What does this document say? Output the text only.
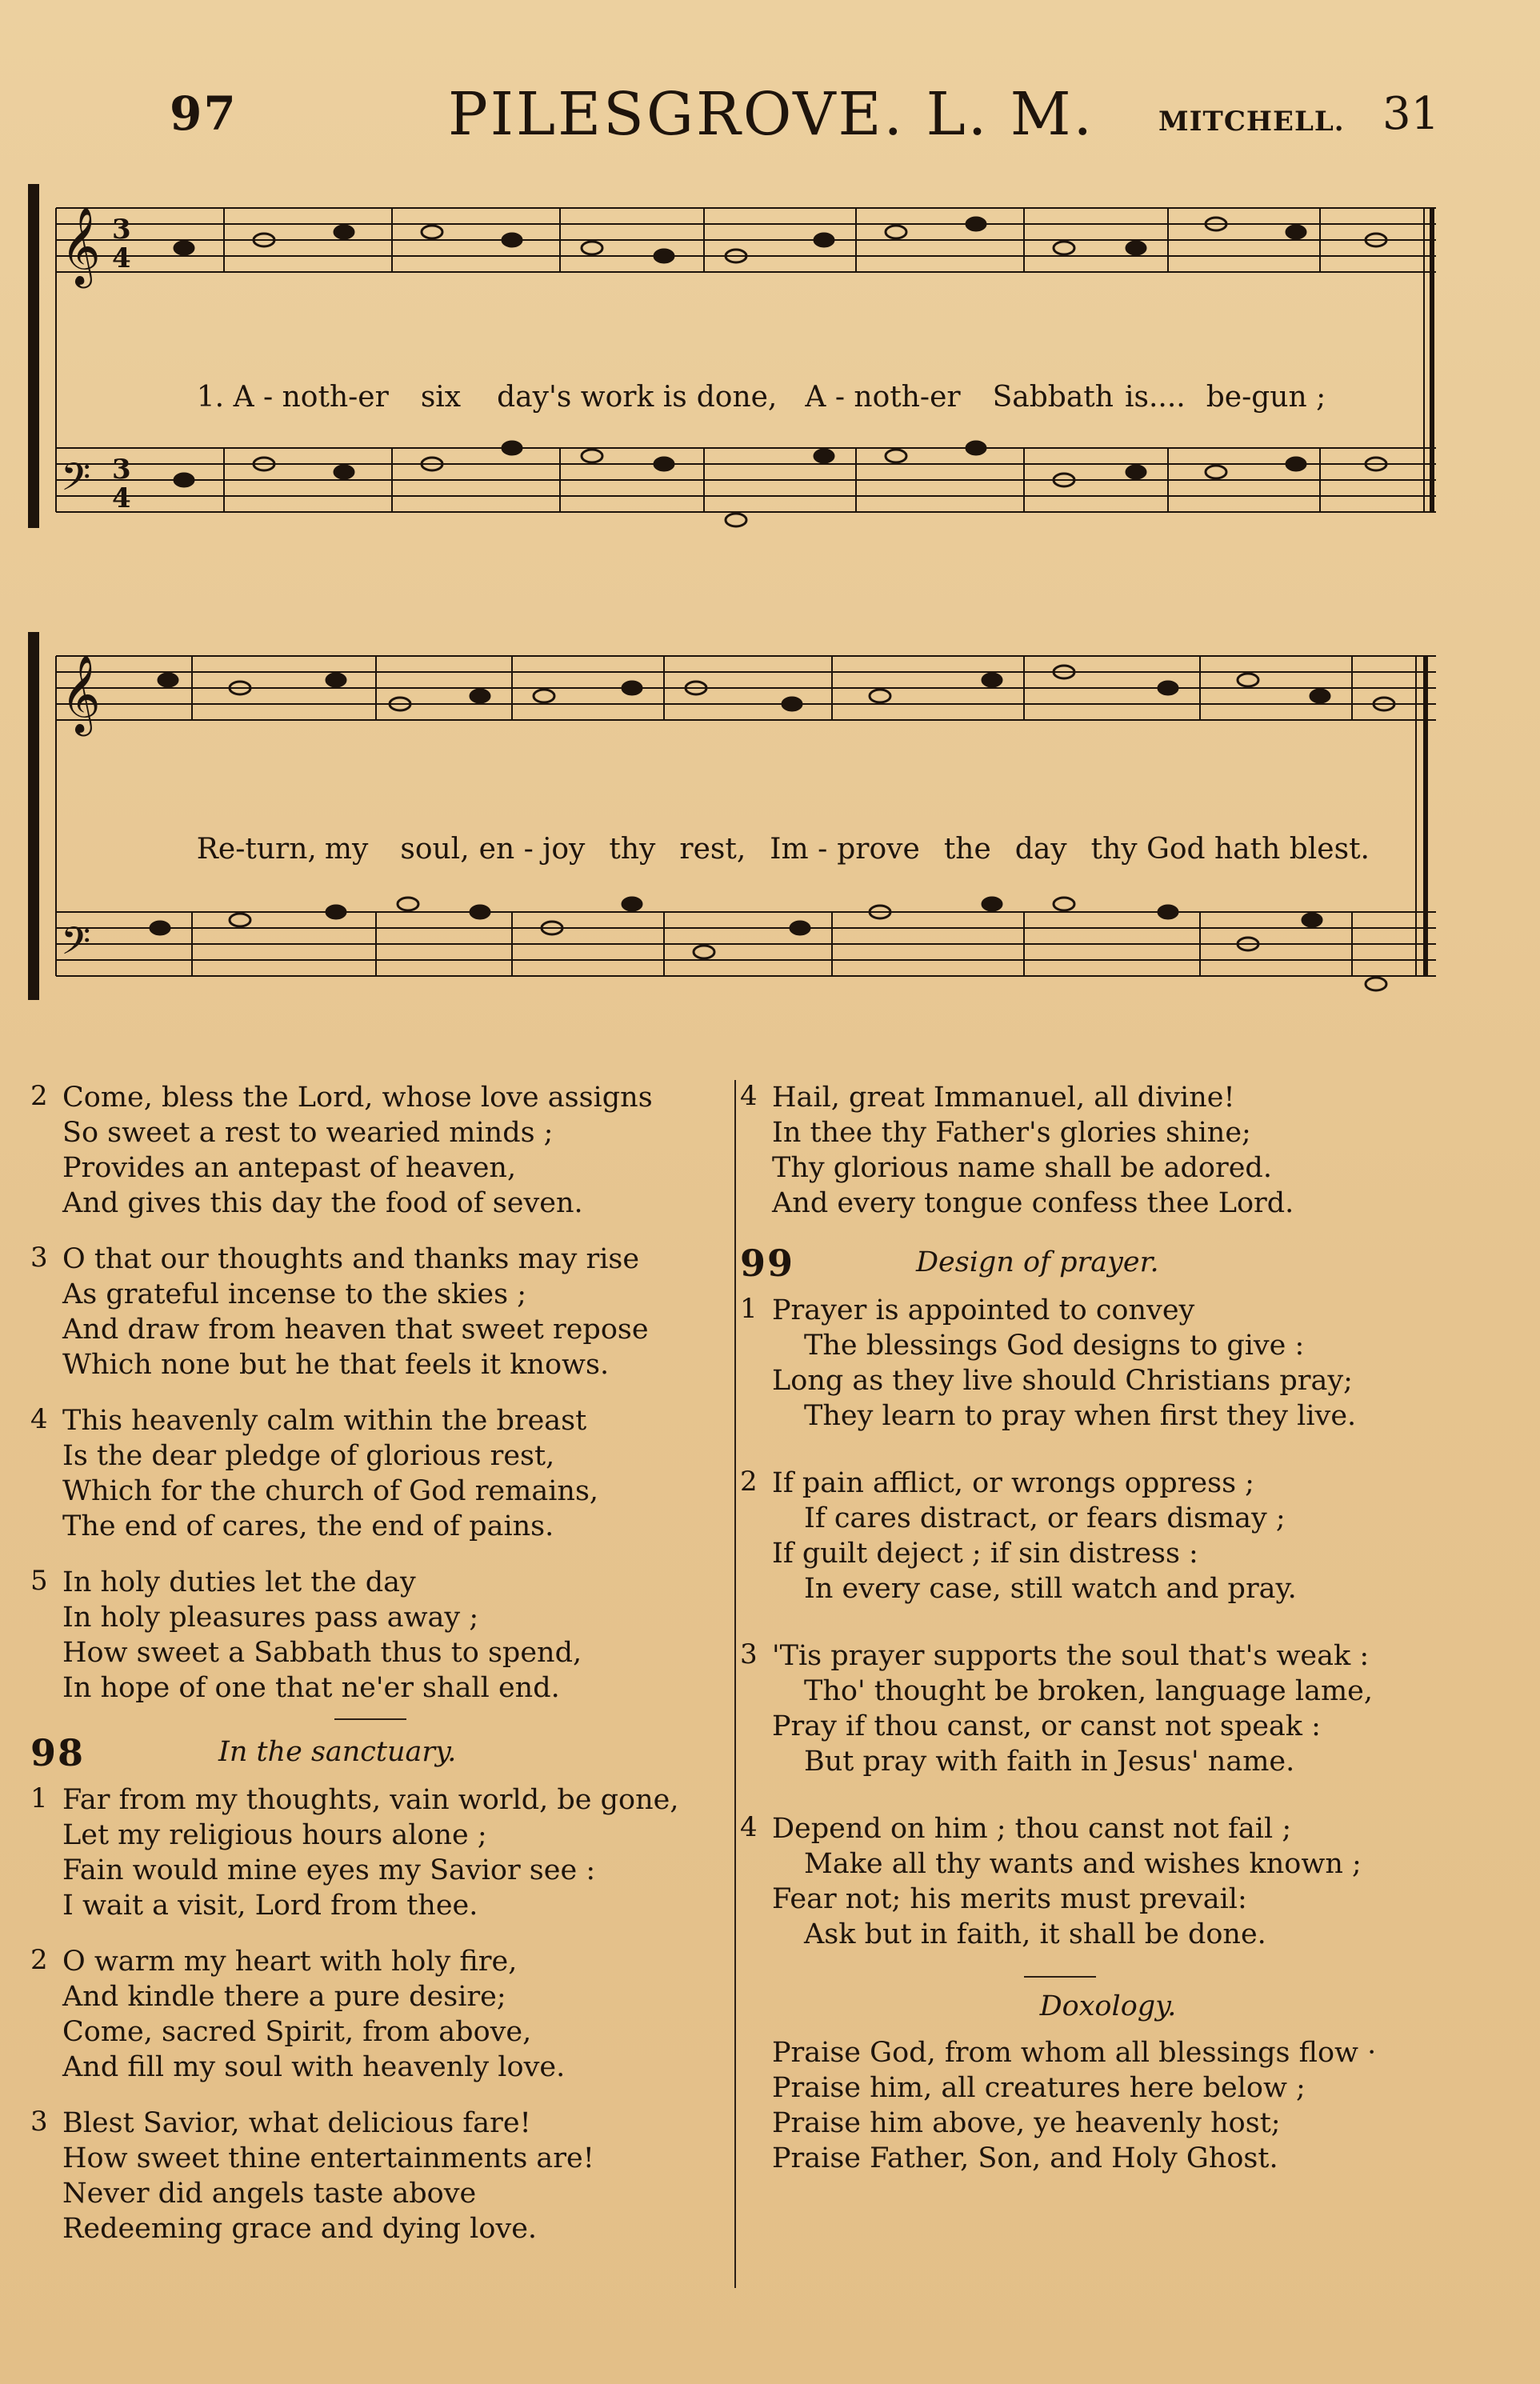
97	PILESGROVE. L. M. MITCHELL. 31
𝄞 3
4
𝄢 3
4

1. A - noth-er six day's work is done, A - noth-er Sabbath is.... be-gun ;

𝄞
𝄢

Re-turn, my soul, en - joy thy rest, Im - prove the day thy God hath blest.

2 Come, bless the Lord, whose love assigns
So sweet a rest to wearied minds ;
Provides an antepast of heaven,
And gives this day the food of seven.
3 O that our thoughts and thanks may rise
As grateful incense to the skies ;
And draw from heaven that sweet repose
Which none but he that feels it knows.
4 This heavenly calm within the breast
Is the dear pledge of glorious rest,
Which for the church of God remains,
The end of cares, the end of pains.
5 In holy duties let the day
In holy pleasures pass away ;
How sweet a Sabbath thus to spend,
In hope of one that ne'er shall end.
98	In the sanctuary.
1 Far from my thoughts, vain world, be gone,
Let my religious hours alone ;
Fain would mine eyes my Savior see :
I wait a visit, Lord from thee.
2 O warm my heart with holy fire,
And kindle there a pure desire;
Come, sacred Spirit, from above,
And fill my soul with heavenly love.
3 Blest Savior, what delicious fare!
How sweet thine entertainments are!
Never did angels taste above
Redeeming grace and dying love.
4 Hail, great Immanuel, all divine!
In thee thy Father's glories shine;
Thy glorious name shall be adored.
And every tongue confess thee Lord.
99	Design of prayer.
1 Prayer is appointed to convey
The blessings God designs to give :
Long as they live should Christians pray;
They learn to pray when first they live.
2 If pain afflict, or wrongs oppress ;
If cares distract, or fears dismay ;
If guilt deject ; if sin distress :
In every case, still watch and pray.
3 'Tis prayer supports the soul that's weak :
Tho' thought be broken, language lame,
Pray if thou canst, or canst not speak :
But pray with faith in Jesus' name.
4 Depend on him ; thou canst not fail ;
Make all thy wants and wishes known ;
Fear not; his merits must prevail:
Ask but in faith, it shall be done.
Doxology.
Praise God, from whom all blessings flow ·
Praise him, all creatures here below ;
Praise him above, ye heavenly host;
Praise Father, Son, and Holy Ghost.
